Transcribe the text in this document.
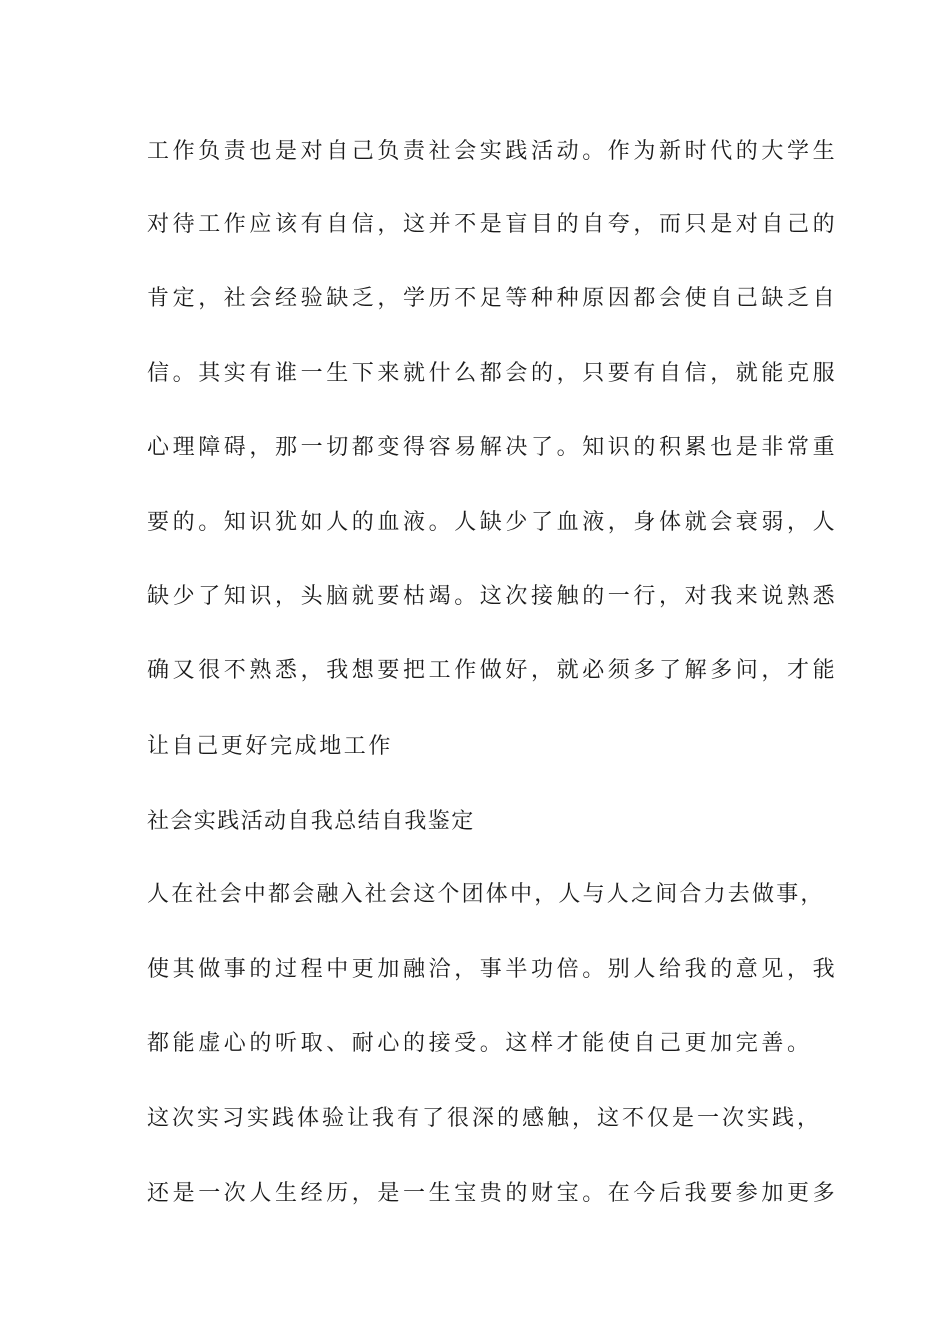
工作负责也是对自己负责社会实践活动。作为新时代的大学生
对待工作应该有自信，这并不是盲目的自夸，而只是对自己的
肯定，社会经验缺乏，学历不足等种种原因都会使自己缺乏自
信。其实有谁一生下来就什么都会的，只要有自信，就能克服
心理障碍，那一切都变得容易解决了。知识的积累也是非常重
要的。知识犹如人的血液。人缺少了血液，身体就会衰弱，人
缺少了知识，头脑就要枯竭。这次接触的一行，对我来说熟悉
确又很不熟悉，我想要把工作做好，就必须多了解多问，才能
让自己更好完成地工作
社会实践活动自我总结自我鉴定
人在社会中都会融入社会这个团体中，人与人之间合力去做事，
使其做事的过程中更加融洽，事半功倍。别人给我的意见，我
都能虚心的听取、耐心的接受。这样才能使自己更加完善。
这次实习实践体验让我有了很深的感触，这不仅是一次实践，
还是一次人生经历，是一生宝贵的财宝。在今后我要参加更多
